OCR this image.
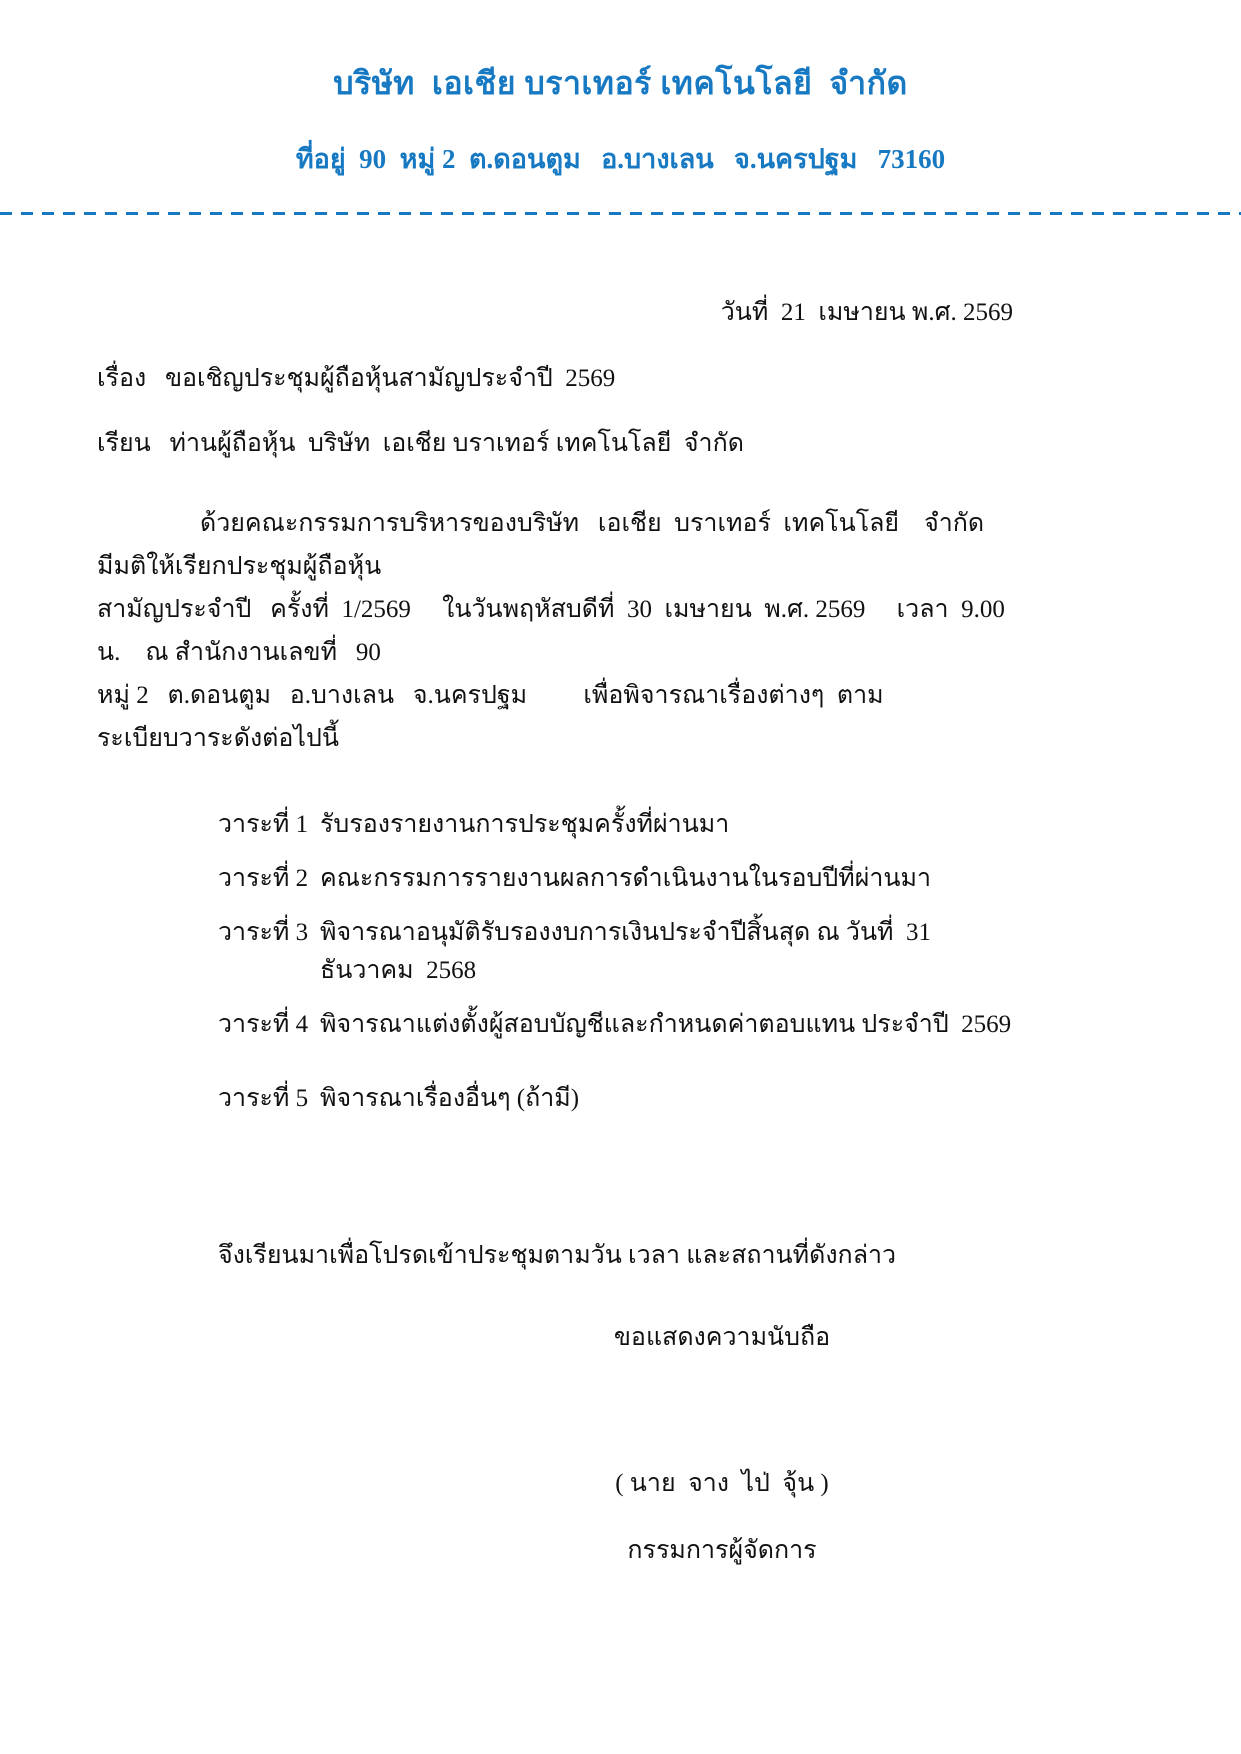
บริษัท  เอเชีย บราเทอร์ เทคโนโลยี  จำกัด
ที่อยู่  90  หมู่ 2  ต.ดอนตูม   อ.บางเลน   จ.นครปฐม   73160
วันที่  21  เมษายน พ.ศ. 2569
เรื่อง   ขอเชิญประชุมผู้ถือหุ้นสามัญประจำปี  2569
เรียน   ท่านผู้ถือหุ้น  บริษัท  เอเชีย บราเทอร์ เทคโนโลยี  จำกัด
ด้วยคณะกรรมการบริหารของบริษัท   เอเชีย  บราเทอร์  เทคโนโลยี    จำกัด  มีมติให้เรียกประชุมผู้ถือหุ้น
สามัญประจำปี   ครั้งที่  1/2569     ในวันพฤหัสบดีที่  30  เมษายน  พ.ศ. 2569     เวลา  9.00 น.    ณ สำนักงานเลขที่   90
หมู่ 2   ต.ดอนตูม   อ.บางเลน   จ.นครปฐม         เพื่อพิจารณาเรื่องต่างๆ  ตามระเบียบวาระดังต่อไปนี้
วาระที่ 1 รับรองรายงานการประชุมครั้งที่ผ่านมา
วาระที่ 2 คณะกรรมการรายงานผลการดำเนินงานในรอบปีที่ผ่านมา
วาระที่ 3 พิจารณาอนุมัติรับรองงบการเงินประจำปีสิ้นสุด ณ วันที่  31  ธันวาคม  2568
วาระที่ 4 พิจารณาแต่งตั้งผู้สอบบัญชีและกำหนดค่าตอบแทน ประจำปี  2569
วาระที่ 5 พิจารณาเรื่องอื่นๆ (ถ้ามี)
จึงเรียนมาเพื่อโปรดเข้าประชุมตามวัน เวลา และสถานที่ดังกล่าว
ขอแสดงความนับถือ
( นาย  จาง  ไป่  จุ้น )
กรรมการผู้จัดการ
